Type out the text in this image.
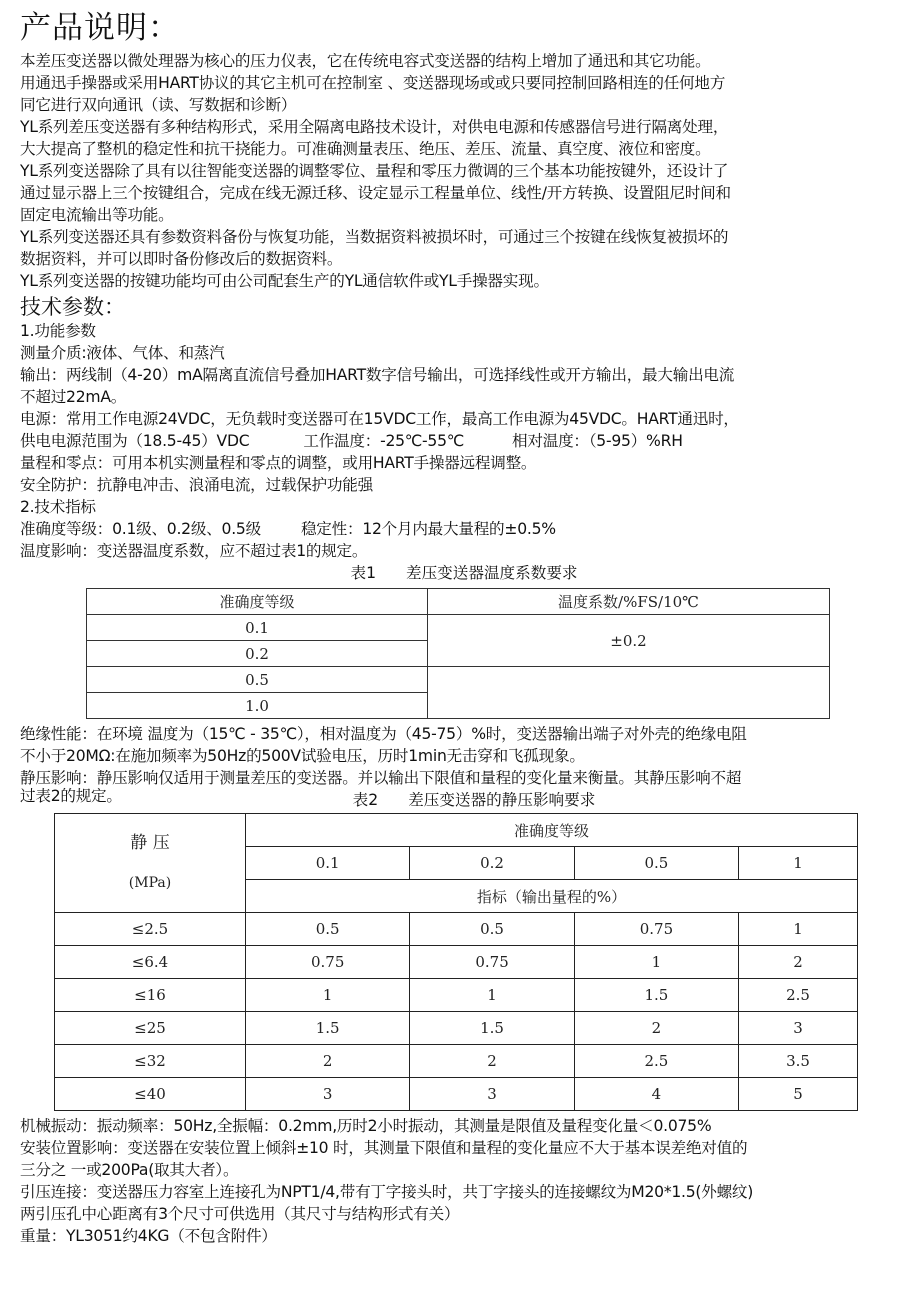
产品说明：
本差压变送器以微处理器为核心的压力仪表，它在传统电容式变送器的结构上增加了通迅和其它功能。
用通迅手操器或采用HART协议的其它主机可在控制室 、变送器现场或或只要同控制回路相连的任何地方
同它进行双向通讯（读、写数据和诊断）
YL系列差压变送器有多种结构形式，采用全隔离电路技术设计，对供电电源和传感器信号进行隔离处理，
大大提高了整机的稳定性和抗干挠能力。可准确测量表压、绝压、差压、流量、真空度、液位和密度。
YL系列变送器除了具有以往智能变送器的调整零位、量程和零压力微调的三个基本功能按键外，还设计了
通过显示器上三个按键组合，完成在线无源迁移、设定显示工程量单位、线性/开方转换、设置阻尼时间和
固定电流输出等功能。
YL系列变送器还具有参数资料备份与恢复功能，当数据资料被损坏时，可通过三个按键在线恢复被损坏的
数据资料，并可以即时备份修改后的数据资料。
YL系列变送器的按键功能均可由公司配套生产的YL通信软件或YL手操器实现。
技术参数：
1.功能参数
测量介质:液体、气体、和蒸汽
输出：两线制（4-20）mA隔离直流信号叠加HART数字信号输出，可选择线性或开方输出，最大输出电流
不超过22mA。
电源：常用工作电源24VDC，无负载时变送器可在15VDC工作，最高工作电源为45VDC。HART通迅时，
供电电源范围为（18.5-45）VDC	工作温度：-25℃-55℃	相对温度：（5-95）%RH
量程和零点：可用本机实测量程和零点的调整，或用HART手操器远程调整。
安全防护：抗静电冲击、浪涌电流，过载保护功能强
2.技术指标
准确度等级：0.1级、0.2级、0.5级	稳定性：12个月内最大量程的±0.5%
温度影响：变送器温度系数，应不超过表1的规定。
表1 差压变送器温度系数要求
准确度等级	温度系数/%FS/10℃
0.1	±0.2
0.2	
0.5	
1.0	
绝缘性能：在环境 温度为（15℃ - 35℃），相对温度为（45-75）%时，变送器输出端子对外壳的绝缘电阻
不小于20MΩ:在施加频率为50Hz的500V试验电压，历时1min无击穿和飞孤现象。
静压影响：静压影响仅适用于测量差压的变送器。并以输出下限值和量程的变化量来衡量。其静压影响不超
过表2的规定。	表2 差压变送器的静压影响要求
静 压
(MPa)	准确度等级			
	0.1	0.2	0.5	1
	指标（输出量程的%）			
≤2.5	0.5	0.5	0.75	1
≤6.4	0.75	0.75	1	2
≤16	1	1	1.5	2.5
≤25	1.5	1.5	2	3
≤32	2	2	2.5	3.5
≤40	3	3	4	5
机械振动：振动频率：50Hz,全振幅：0.2mm,历时2小时振动，其测量是限值及量程变化量＜0.075%
安装位置影响：变送器在安装位置上倾斜±10 时，其测量下限值和量程的变化量应不大于基本误差绝对值的
三分之 一或200Pa(取其大者）。
引压连接：变送器压力容室上连接孔为NPT1/4,带有丁字接头时，共丁字接头的连接螺纹为M20*1.5(外螺纹)
两引压孔中心距离有3个尺寸可供选用（其尺寸与结构形式有关）
重量：YL3051约4KG（不包含附件）
